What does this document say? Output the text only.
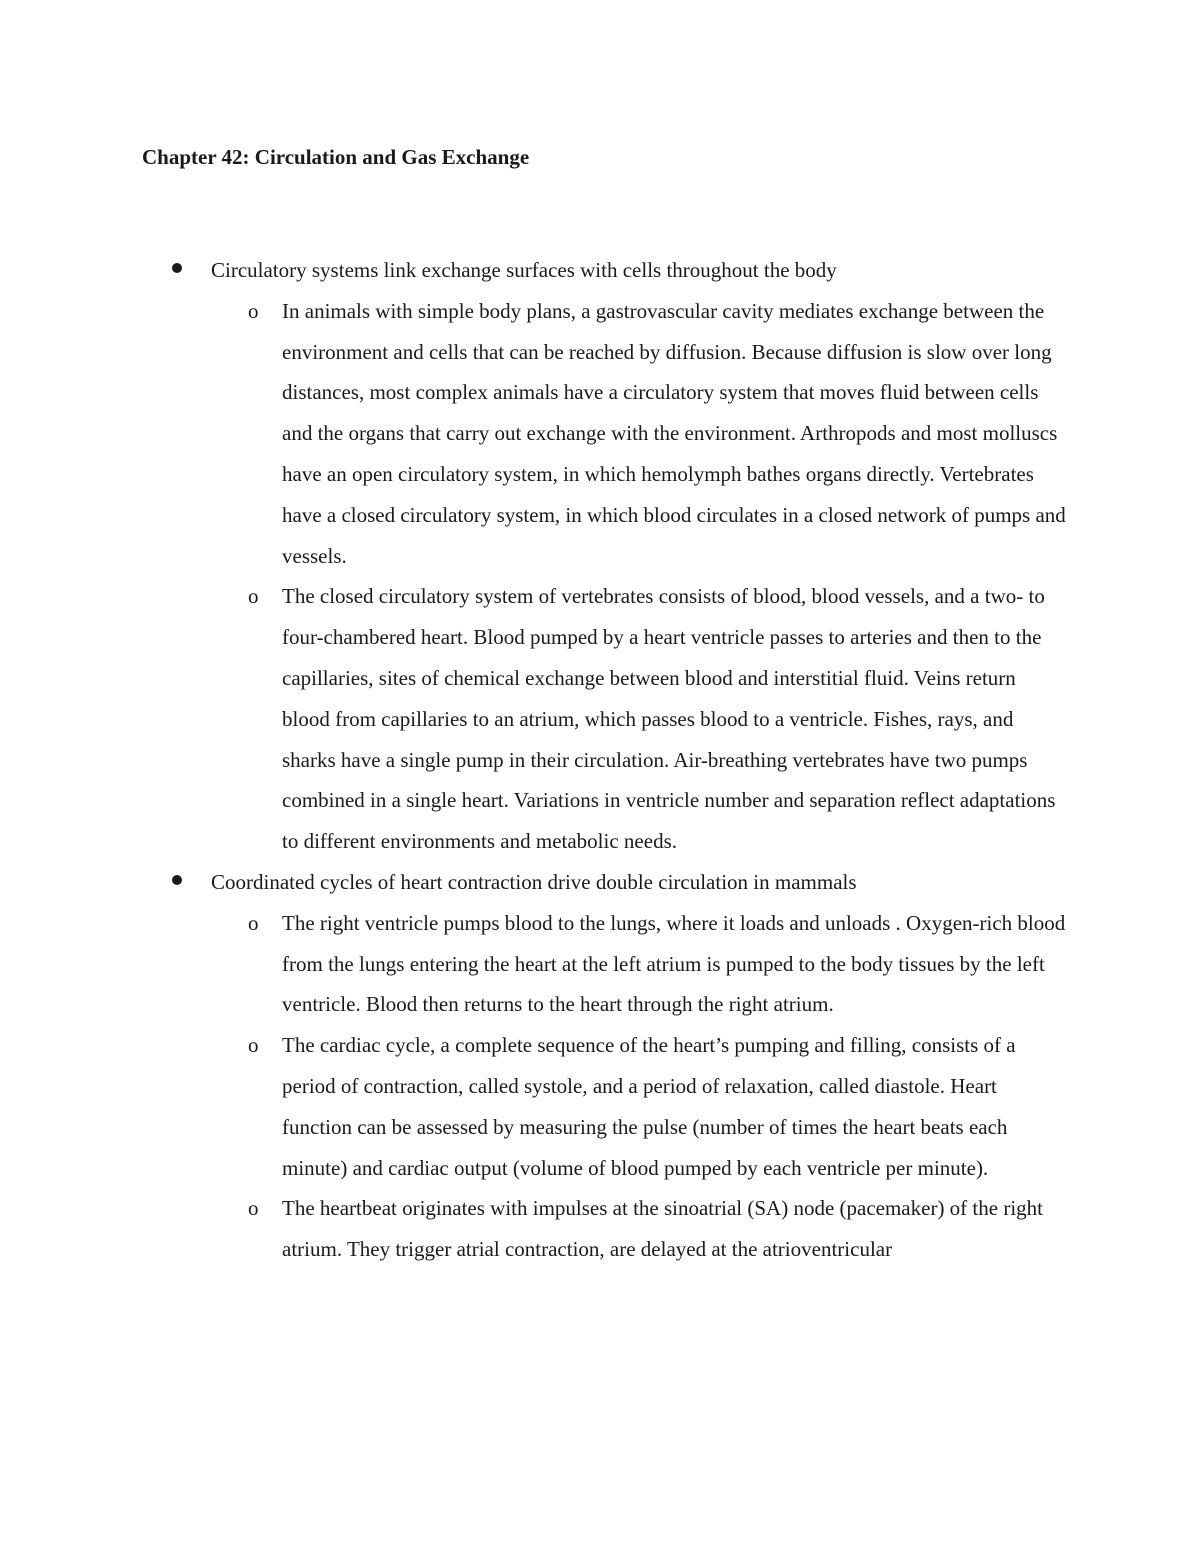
Chapter 42: Circulation and Gas Exchange
Circulatory systems link exchange surfaces with cells throughout the body
o In animals with simple body plans, a gastrovascular cavity mediates exchange between the environment and cells that can be reached by diffusion. Because diffusion is slow over long distances, most complex animals have a circulatory system that moves fluid between cells and the organs that carry out exchange with the environment. Arthropods and most molluscs have an open circulatory system, in which hemolymph bathes organs directly. Vertebrates have a closed circulatory system, in which blood circulates in a closed network of pumps and vessels.
o The closed circulatory system of vertebrates consists of blood, blood vessels, and a two- to four-chambered heart. Blood pumped by a heart ventricle passes to arteries and then to the capillaries, sites of chemical exchange between blood and interstitial fluid. Veins return blood from capillaries to an atrium, which passes blood to a ventricle. Fishes, rays, and sharks have a single pump in their circulation. Air-breathing vertebrates have two pumps combined in a single heart. Variations in ventricle number and separation reflect adaptations to different environments and metabolic needs.
Coordinated cycles of heart contraction drive double circulation in mammals
o The right ventricle pumps blood to the lungs, where it loads and unloads . Oxygen-rich blood from the lungs entering the heart at the left atrium is pumped to the body tissues by the left ventricle. Blood then returns to the heart through the right atrium.
o The cardiac cycle, a complete sequence of the heart’s pumping and filling, consists of a period of contraction, called systole, and a period of relaxation, called diastole. Heart function can be assessed by measuring the pulse (number of times the heart beats each minute) and cardiac output (volume of blood pumped by each ventricle per minute).
o The heartbeat originates with impulses at the sinoatrial (SA) node (pacemaker) of the right atrium. They trigger atrial contraction, are delayed at the atrioventricular
